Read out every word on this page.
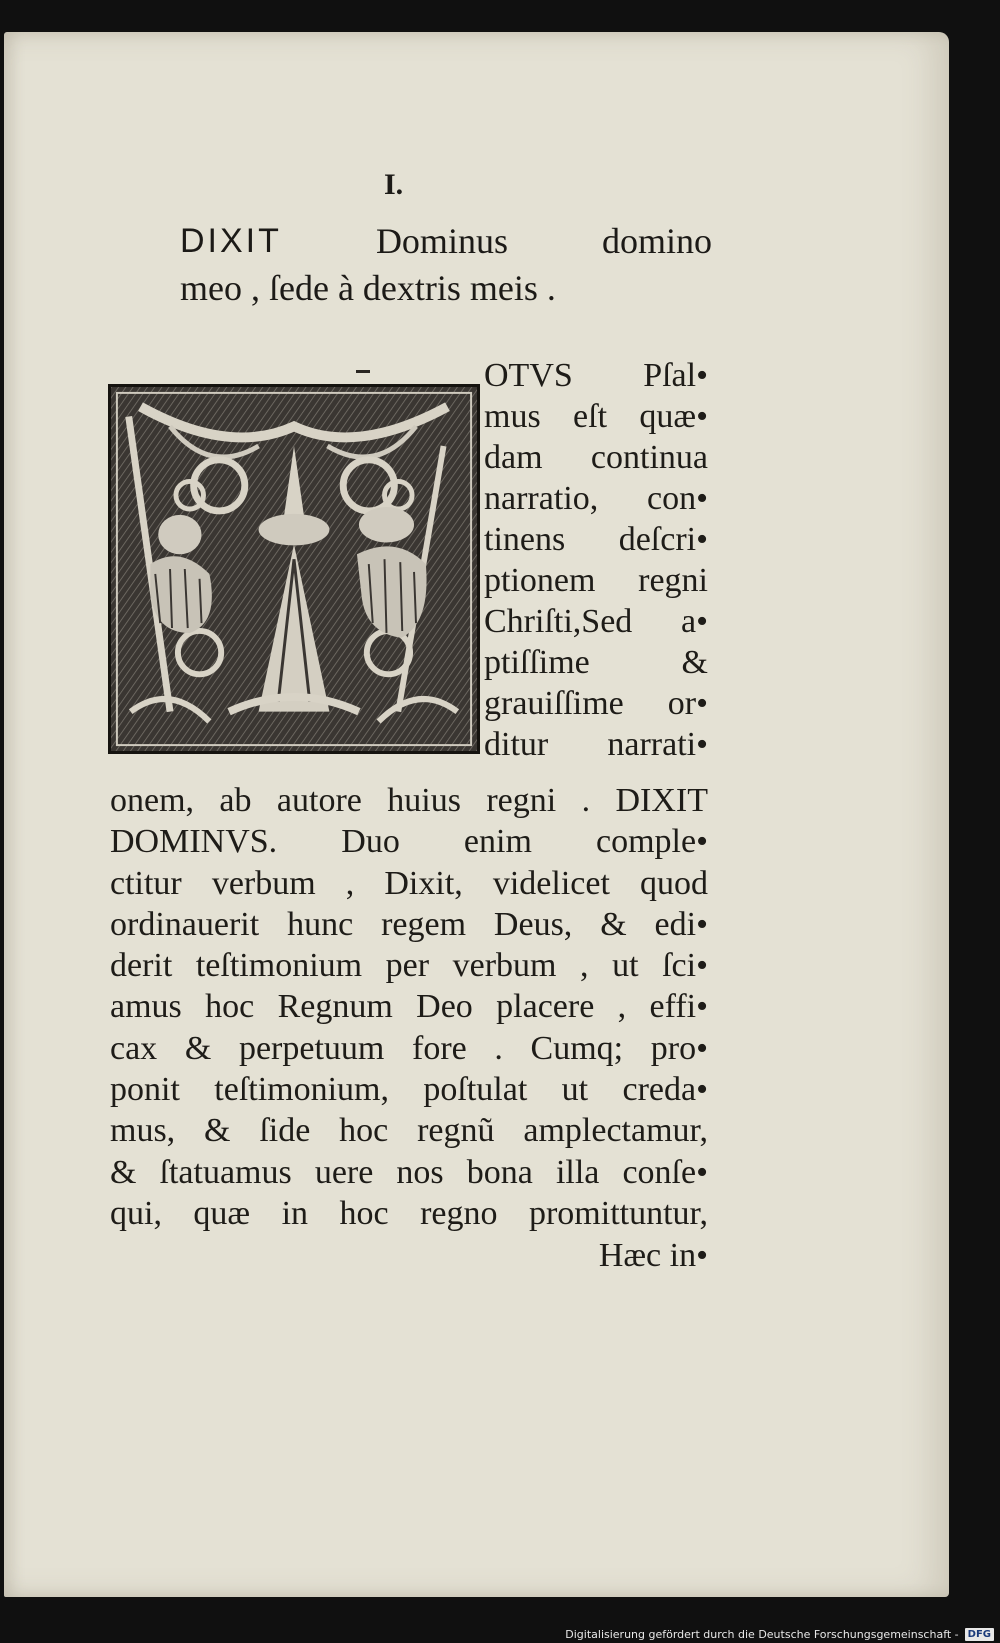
I.
DIXIT	Dominus	domino
meo , ſede à dextris meis .
OTVS Pſal•
mus eſt quæ•
dam continua
narratio, con•
tinens deſcri•
ptionem regni
Chriſti,Sed a•
ptiſſime &
grauiſſime or•
ditur narrati•
onem, ab autore huius regni . DIXIT
DOMINVS. Duo enim comple•
ctitur verbum , Dixit, videlicet quod
ordinauerit hunc regem Deus, & edi•
derit teſtimonium per verbum , ut ſci•
amus hoc Regnum Deo placere , effi•
cax & perpetuum fore . Cumq; pro•
ponit teſtimonium, poſtulat ut creda•
mus, & ſide hoc regnũ amplectamur,
& ſtatuamus uere nos bona illa conſe•
qui, quæ in hoc regno promittuntur,
Hæc in•
Digitalisierung gefördert durch die Deutsche Forschungsgemeinschaft - DFG
